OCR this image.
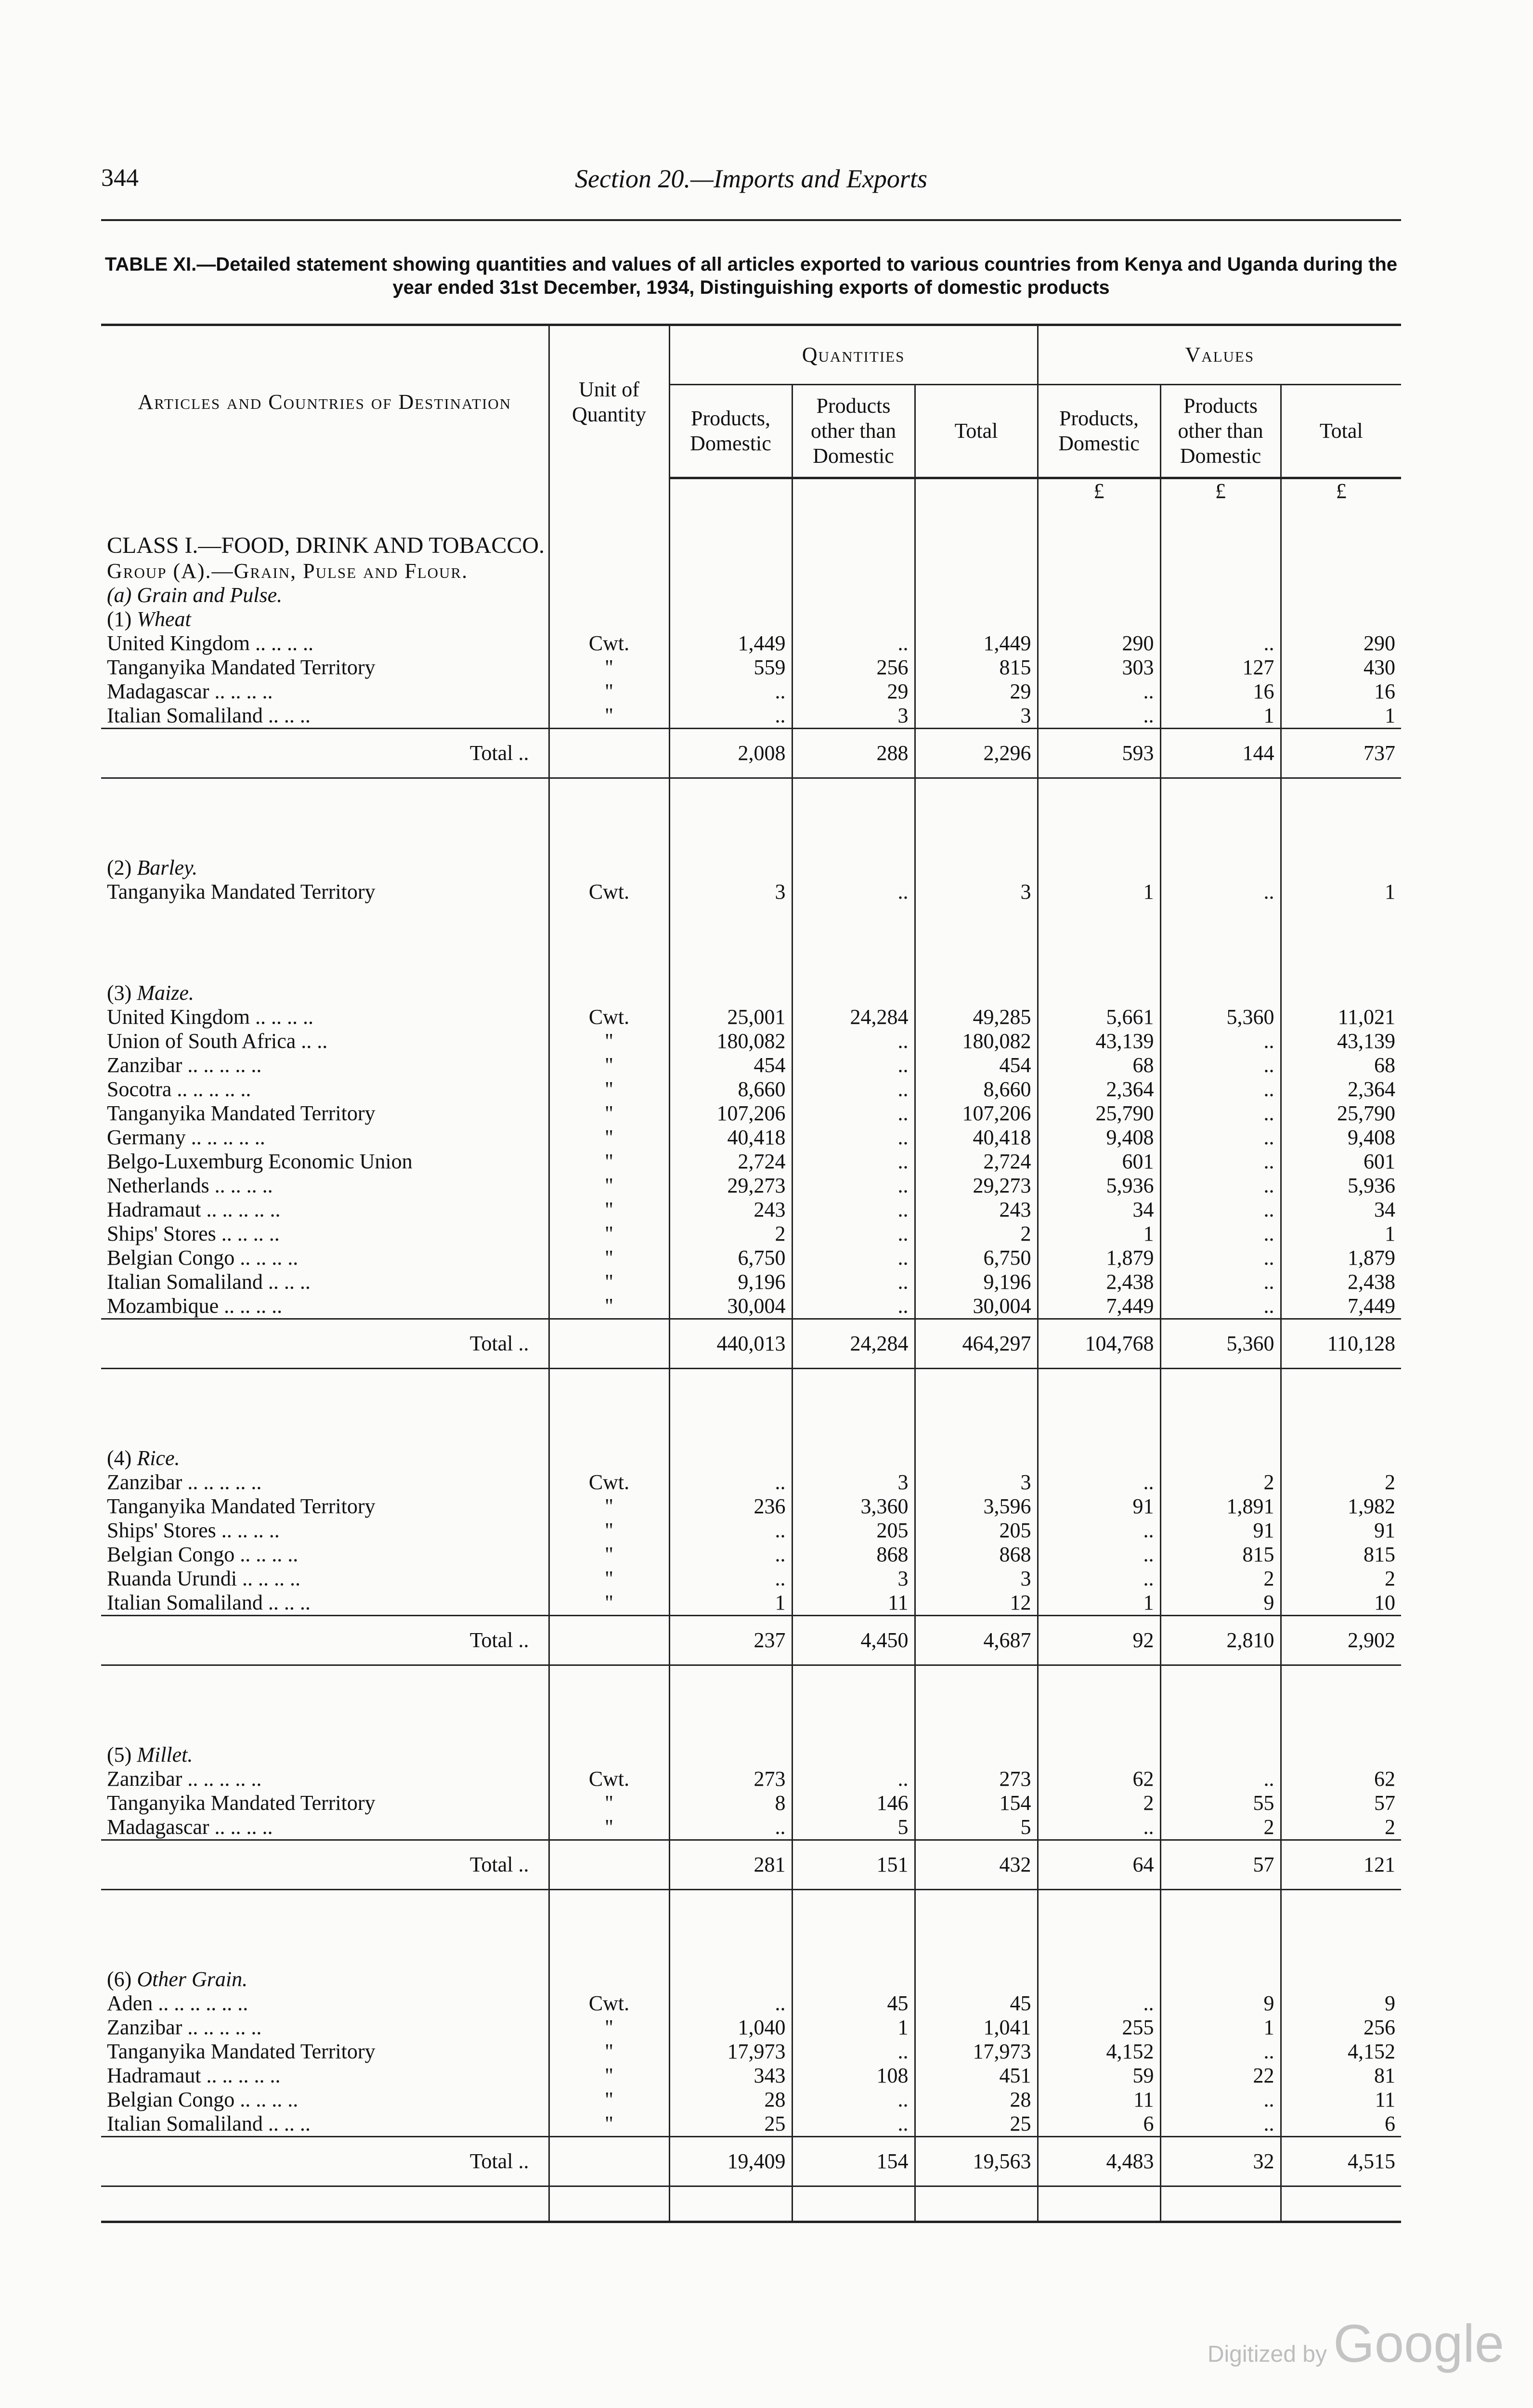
344	Section 20.—Imports and Exports
TABLE XI.—Detailed statement showing quantities and values of all articles exported to various countries from Kenya and Uganda during the year ended 31st December, 1934, Distinguishing exports of domestic products
Articles and Countries of Destination	Unit of Quantity	Quantities			Values		
		Products, Domestic	Products other than Domestic	Total	Products, Domestic	Products other than Domestic	Total
					£	£	£
CLASS I.—FOOD, DRINK AND TOBACCO.							
Group (A).—Grain, Pulse and Flour.							
(a) Grain and Pulse.							
(1) Wheat							
United Kingdom .. .. .. ..	Cwt.	1,449	..	1,449	290	..	290
Tanganyika Mandated Territory	"	559	256	815	303	127	430
Madagascar .. .. .. ..	"	..	29	29	..	16	16
Italian Somaliland .. .. ..	"	..	3	3	..	1	1

Total ..		2,008	288	2,296	593	144	737

(2) Barley.							
Tanganyika Mandated Territory	Cwt.	3	..	3	1	..	1

(3) Maize.							
United Kingdom .. .. .. ..	Cwt.	25,001	24,284	49,285	5,661	5,360	11,021
Union of South Africa .. ..	"	180,082	..	180,082	43,139	..	43,139
Zanzibar .. .. .. .. ..	"	454	..	454	68	..	68
Socotra .. .. .. .. ..	"	8,660	..	8,660	2,364	..	2,364
Tanganyika Mandated Territory	"	107,206	..	107,206	25,790	..	25,790
Germany .. .. .. .. ..	"	40,418	..	40,418	9,408	..	9,408
Belgo-Luxemburg Economic Union	"	2,724	..	2,724	601	..	601
Netherlands .. .. .. ..	"	29,273	..	29,273	5,936	..	5,936
Hadramaut .. .. .. .. ..	"	243	..	243	34	..	34
Ships' Stores .. .. .. ..	"	2	..	2	1	..	1
Belgian Congo .. .. .. ..	"	6,750	..	6,750	1,879	..	1,879
Italian Somaliland .. .. ..	"	9,196	..	9,196	2,438	..	2,438
Mozambique .. .. .. ..	"	30,004	..	30,004	7,449	..	7,449

Total ..		440,013	24,284	464,297	104,768	5,360	110,128

(4) Rice.							
Zanzibar .. .. .. .. ..	Cwt.	..	3	3	..	2	2
Tanganyika Mandated Territory	"	236	3,360	3,596	91	1,891	1,982
Ships' Stores .. .. .. ..	"	..	205	205	..	91	91
Belgian Congo .. .. .. ..	"	..	868	868	..	815	815
Ruanda Urundi .. .. .. ..	"	..	3	3	..	2	2
Italian Somaliland .. .. ..	"	1	11	12	1	9	10

Total ..		237	4,450	4,687	92	2,810	2,902

(5) Millet.							
Zanzibar .. .. .. .. ..	Cwt.	273	..	273	62	..	62
Tanganyika Mandated Territory	"	8	146	154	2	55	57
Madagascar .. .. .. ..	"	..	5	5	..	2	2

Total ..		281	151	432	64	57	121

(6) Other Grain.							
Aden .. .. .. .. .. ..	Cwt.	..	45	45	..	9	9
Zanzibar .. .. .. .. ..	"	1,040	1	1,041	255	1	256
Tanganyika Mandated Territory	"	17,973	..	17,973	4,152	..	4,152
Hadramaut .. .. .. .. ..	"	343	108	451	59	22	81
Belgian Congo .. .. .. ..	"	28	..	28	11	..	11
Italian Somaliland .. .. ..	"	25	..	25	6	..	6

Total ..		19,409	154	19,563	4,483	32	4,515

Digitized by Google
